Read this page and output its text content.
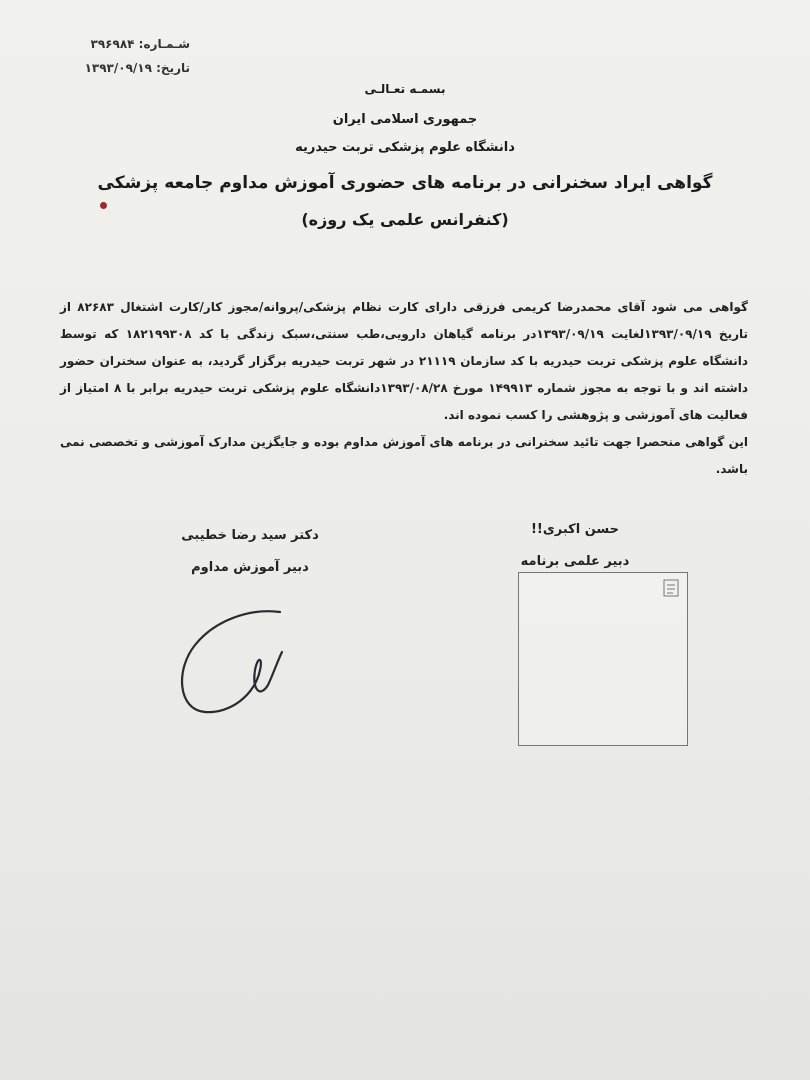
شـمـاره: ۳۹۶۹۸۴
تاریخ: ۱۳۹۳/۰۹/۱۹
بسمـه تعـالـی
جمهوری اسلامی ایران
دانشگاه علوم پزشکی تربت حیدریه
گواهی ایراد سخنرانی در برنامه های حضوری آموزش مداوم جامعه پزشکی
(کنفرانس علمی یک روزه)

گواهی می شود آقای محمدرضا کریمی فرزقی دارای کارت نظام پزشکی/پروانه/مجوز کار/کارت اشتغال ۸۲۶۸۳ از تاریخ ۱۳۹۳/۰۹/۱۹لغایت ۱۳۹۳/۰۹/۱۹در برنامه گیاهان دارویی،طب سنتی،سبک زندگی با کد ۱۸۲۱۹۹۳۰۸ که توسط دانشگاه علوم پزشکی تربت حیدریه با کد سازمان ۲۱۱۱۹ در شهر تربت حیدریه برگزار گردید، به عنوان سخنران حضور داشته اند و با توجه به مجوز شماره ۱۴۹۹۱۳ مورخ ۱۳۹۳/۰۸/۲۸دانشگاه علوم پزشکی تربت حیدریه برابر با ۸ امتیاز از فعالیت های آموزشی و پژوهشی را کسب نموده اند.

این گواهی منحصرا جهت تائید سخنرانی در برنامه های آموزش مداوم بوده و جایگزین مدارک آموزشی و تخصصی نمی باشد.

دکتر سید رضا خطیبی
دبیر آموزش مداوم
حسن اکبری!!
دبیر علمی برنامه
